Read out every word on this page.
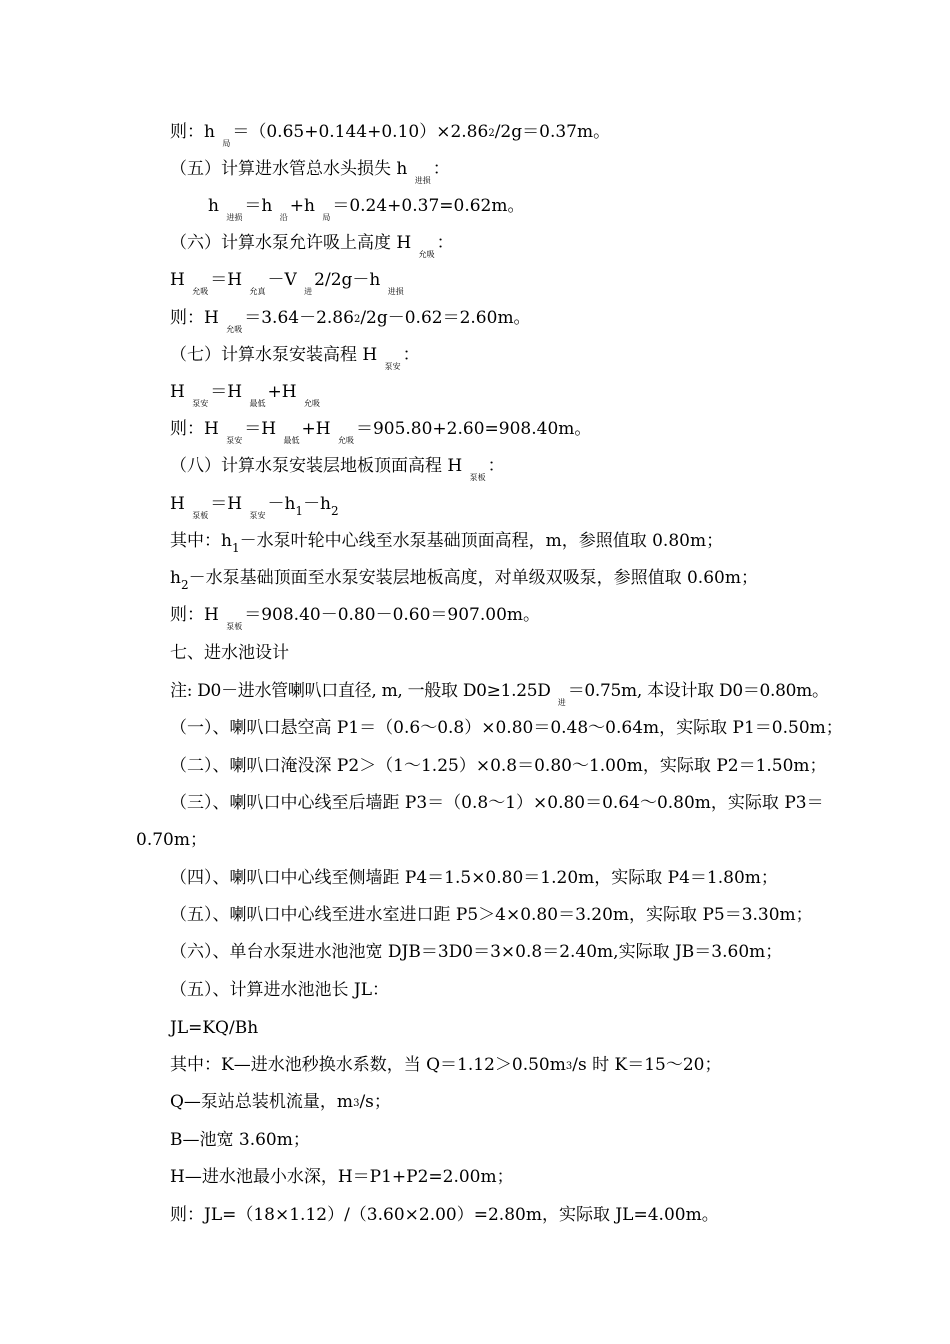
则：h $_局$＝（0.65+0.144+0.10）×2.862/2g＝0.37m。
（五）计算进水管总水头损失 h $_{进损}$：
h $_{进损}$＝h $_沿$+h $_局$＝0.24+0.37=0.62m。
（六）计算水泵允许吸上高度 H $_{允吸}$：
H $_{允吸}$＝H $_{允真}$－V $_进$2/2g－h $_{进损}$
则：H $_{允吸}$＝3.64－2.862/2g－0.62＝2.60m。
（七）计算水泵安装高程 H $_{泵安}$：
H $_{泵安}$＝H $_{最低}$+H $_{允吸}$
则：H $_{泵安}$＝H $_{最低}$+H $_{允吸}$＝905.80+2.60=908.40m。
（八）计算水泵安装层地板顶面高程 H $_{泵板}$：
H $_{泵板}$＝H $_{泵安}-h_1-h_2$
其中：$h_1-$水泵叶轮中心线至水泵基础顶面高程，m，参照值取 0.80m；
$h_2-$水泵基础顶面至水泵安装层地板高度，对单级双吸泵，参照值取 0.60m；
则：H $_{泵板}$＝908.40－0.80－0.60＝907.00m。
七、进水池设计
注: D0－进水管喇叭口直径, m, 一般取 D0≥1.25D $_进$＝0.75m, 本设计取 D0＝0.80m。
（一）、喇叭口悬空高 P1＝（0.6～0.8）×0.80＝0.48～0.64m，实际取 P1＝0.50m；
（二）、喇叭口淹没深 P2＞（1～1.25）×0.8＝0.80～1.00m，实际取 P2＝1.50m；
（三）、喇叭口中心线至后墙距 P3＝（0.8～1）×0.80＝0.64～0.80m，实际取 P3＝
0.70m；
（四）、喇叭口中心线至侧墙距 P4＝1.5×0.80＝1.20m，实际取 P4＝1.80m；
（五）、喇叭口中心线至进水室进口距 P5＞4×0.80＝3.20m，实际取 P5＝3.30m；
（六）、单台水泵进水池池宽 DJB＝3D0＝3×0.8＝2.40m,实际取 JB＝3.60m；
（五）、计算进水池池长 JL：
JL=KQ/Bh
其中：K—进水池秒换水系数，当 Q＝1.12＞0.50m3/s 时 K＝15～20；
Q—泵站总装机流量，m3/s；
B—池宽 3.60m；
H—进水池最小水深，H＝P1+P2=2.00m；
则：JL=（18×1.12）/（3.60×2.00）=2.80m，实际取 JL=4.00m。
